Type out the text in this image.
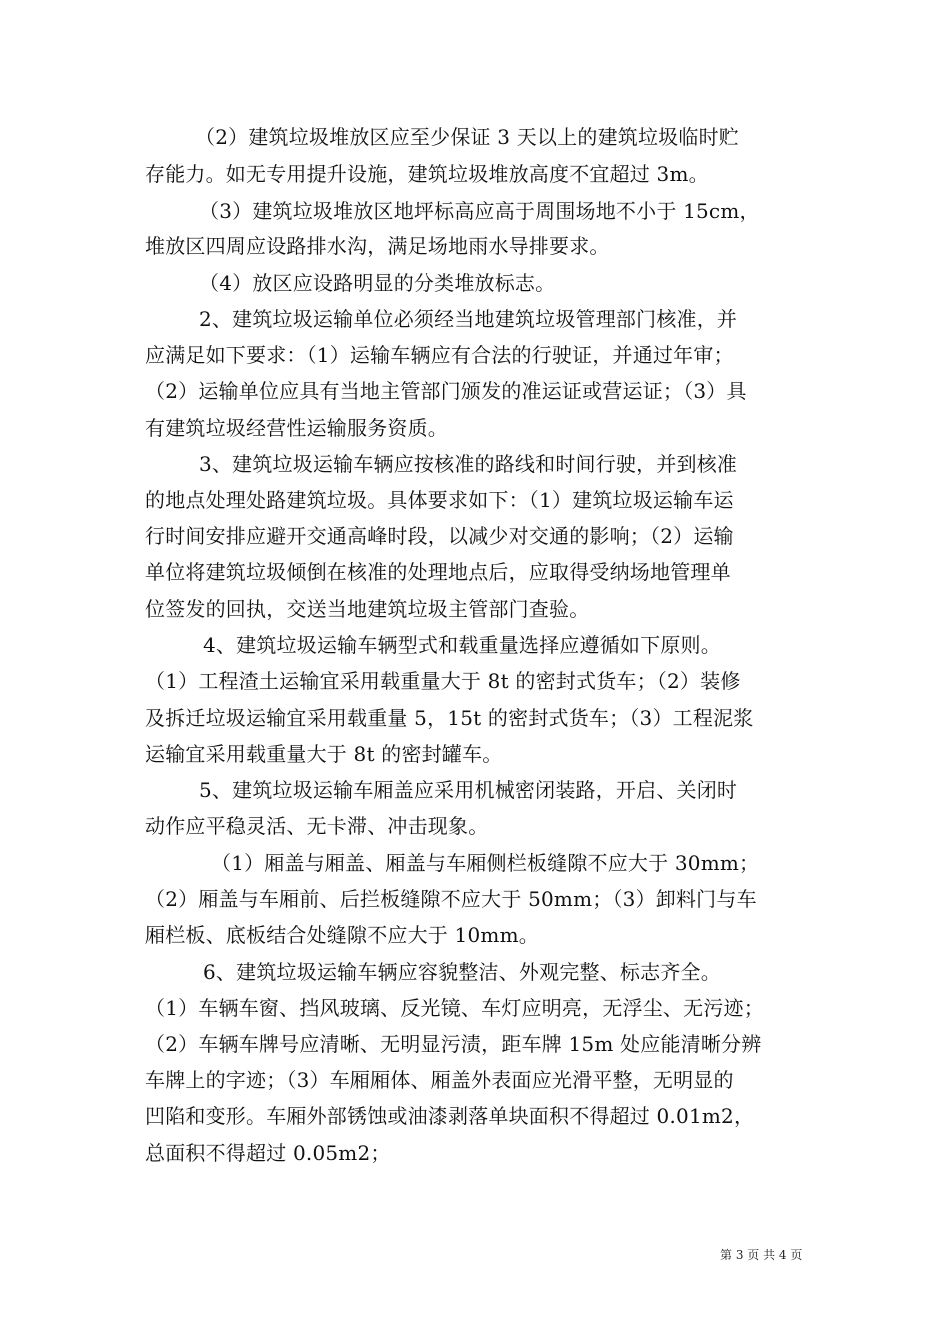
（2）建筑垃圾堆放区应至少保证 3 天以上的建筑垃圾临时贮
存能力。如无专用提升设施，建筑垃圾堆放高度不宜超过 3m。
（3）建筑垃圾堆放区地坪标高应高于周围场地不小于 15cm，
堆放区四周应设路排水沟，满足场地雨水导排要求。
（4）放区应设路明显的分类堆放标志。
2、建筑垃圾运输单位必须经当地建筑垃圾管理部门核准，并
应满足如下要求：（1）运输车辆应有合法的行驶证，并通过年审；
（2）运输单位应具有当地主管部门颁发的准运证或营运证；（3）具
有建筑垃圾经营性运输服务资质。
3、建筑垃圾运输车辆应按核准的路线和时间行驶，并到核准
的地点处理处路建筑垃圾。具体要求如下：（1）建筑垃圾运输车运
行时间安排应避开交通高峰时段，以减少对交通的影响；（2）运输
单位将建筑垃圾倾倒在核准的处理地点后，应取得受纳场地管理单
位签发的回执，交送当地建筑垃圾主管部门查验。
4、建筑垃圾运输车辆型式和载重量选择应遵循如下原则。
（1）工程渣土运输宜采用载重量大于 8t 的密封式货车；（2）装修
及拆迁垃圾运输宜采用载重量 5，15t 的密封式货车；（3）工程泥浆
运输宜采用载重量大于 8t 的密封罐车。
5、建筑垃圾运输车厢盖应采用机械密闭装路，开启、关闭时
动作应平稳灵活、无卡滞、冲击现象。
（1）厢盖与厢盖、厢盖与车厢侧栏板缝隙不应大于 30mm；
（2）厢盖与车厢前、后拦板缝隙不应大于 50mm；（3）卸料门与车
厢栏板、底板结合处缝隙不应大于 10mm。
6、建筑垃圾运输车辆应容貌整洁、外观完整、标志齐全。
（1）车辆车窗、挡风玻璃、反光镜、车灯应明亮，无浮尘、无污迹；
（2）车辆车牌号应清晰、无明显污渍，距车牌 15m 处应能清晰分辨
车牌上的字迹；（3）车厢厢体、厢盖外表面应光滑平整，无明显的
凹陷和变形。车厢外部锈蚀或油漆剥落单块面积不得超过 0.01m2，
总面积不得超过 0.05m2；
第 3 页 共 4 页
